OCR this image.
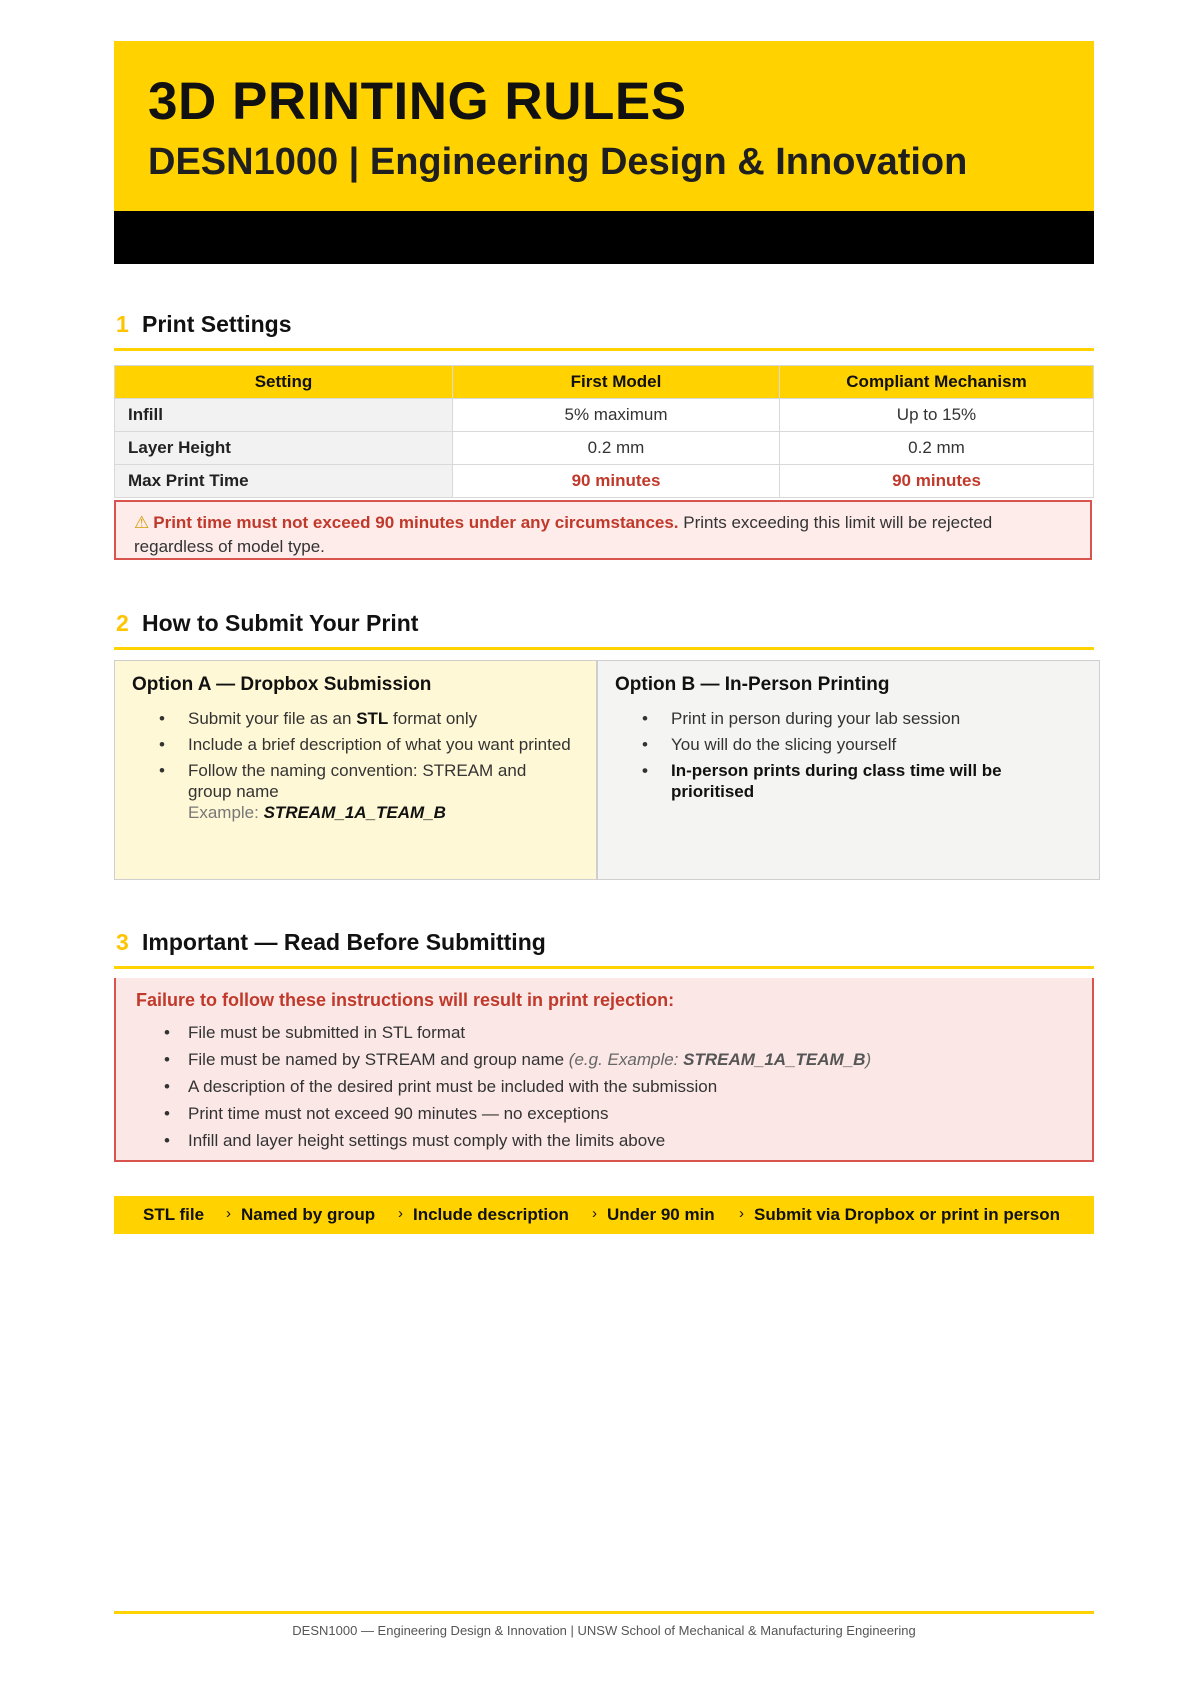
3D PRINTING RULES
DESN1000 | Engineering Design & Innovation
1 Print Settings
Setting	First Model	Compliant Mechanism
Infill	5% maximum	Up to 15%
Layer Height	0.2 mm	0.2 mm
Max Print Time	90 minutes	90 minutes
⚠ Print time must not exceed 90 minutes under any circumstances. Prints exceeding this limit will be rejected regardless of model type.
2 How to Submit Your Print
Option A — Dropbox Submission
• Submit your file as an STL format only
• Include a brief description of what you want printed
• Follow the naming convention: STREAM and group name
Example: STREAM_1A_TEAM_B
Option B — In-Person Printing
• Print in person during your lab session
• You will do the slicing yourself
• In-person prints during class time will be prioritised
3 Important — Read Before Submitting
Failure to follow these instructions will result in print rejection:
• File must be submitted in STL format
• File must be named by STREAM and group name (e.g. Example: STREAM_1A_TEAM_B)
• A description of the desired print must be included with the submission
• Print time must not exceed 90 minutes — no exceptions
• Infill and layer height settings must comply with the limits above
STL file › Named by group › Include description › Under 90 min › Submit via Dropbox or print in person
DESN1000 — Engineering Design & Innovation | UNSW School of Mechanical & Manufacturing Engineering
